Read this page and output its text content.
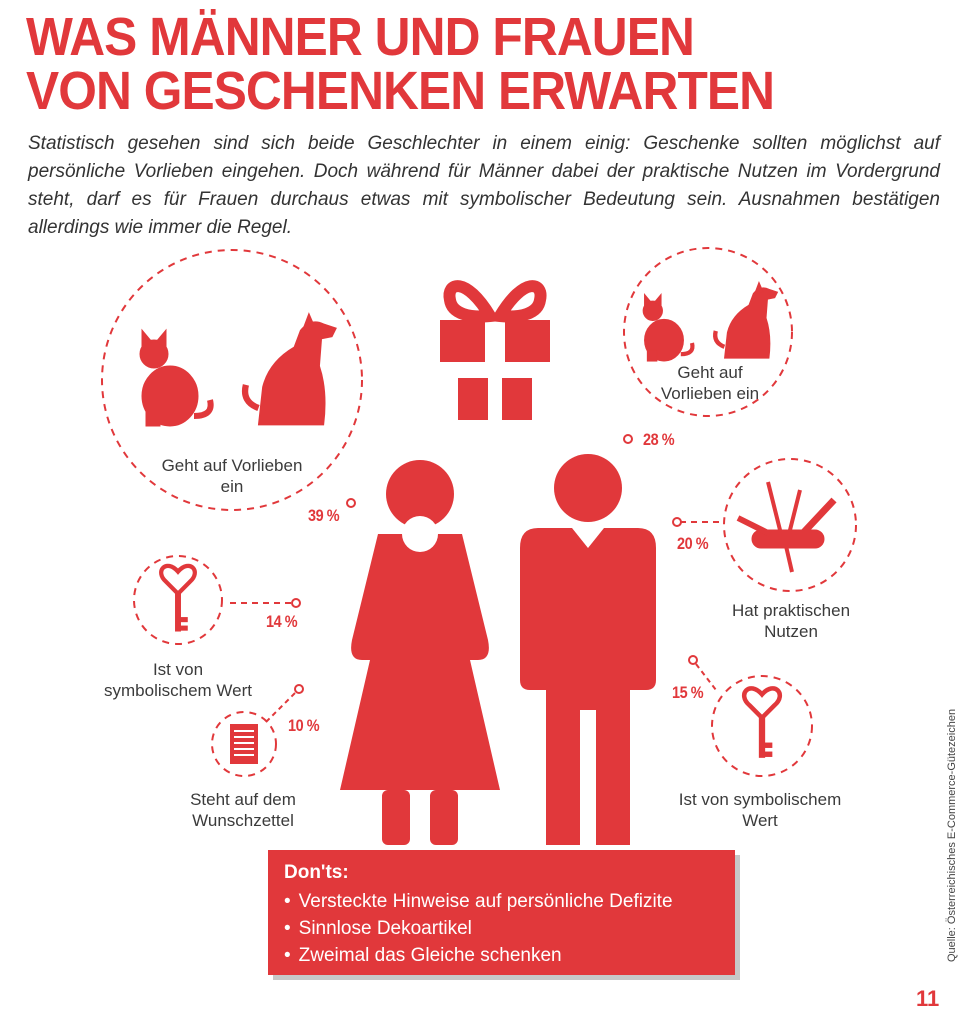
WAS MÄNNER UND FRAUEN
VON GESCHENKEN ERWARTEN

Statistisch gesehen sind sich beide Geschlechter in einem einig: Geschenke sollten möglichst auf persönliche Vorlieben eingehen. Doch während für Männer dabei der praktische Nutzen im Vordergrund steht, darf es für Frauen durchaus etwas mit symbolischer Bedeutung sein. Ausnahmen bestätigen allerdings wie immer die Regel.

Geht auf Vorlieben
ein
39 %
Geht auf
Vorlieben ein
28 %
20 %
Hat praktischen
Nutzen
14 %
Ist von
symbolischem Wert
10 %
Steht auf dem
Wunschzettel
15 %
Ist von symbolischem
Wert
Don'ts:
• Versteckte Hinweise auf persönliche Defizite
• Sinnlose Dekoartikel
• Zweimal das Gleiche schenken	Quelle: Österreichisches E-Commerce-Gütezeichen
11
